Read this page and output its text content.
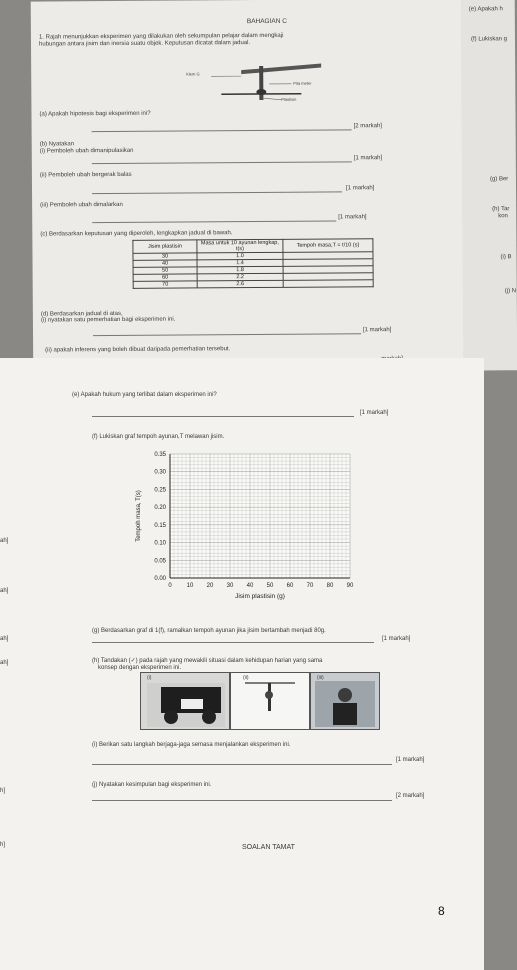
BAHAGIAN C
1. Rajah menunjukkan eksperimen yang dilakukan oleh sekumpulan pelajar dalam mengkaji
hubungan antara jisim dan inersia suatu objek. Keputusan dicatat dalam jadual.
Klem G
Pita meter
Plastisin
(a) Apakah hipotesis bagi eksperimen ini?
[2 markah]
(b) Nyatakan
(i) Pemboleh ubah dimanipulasikan
[1 markah]
(ii) Pemboleh ubah bergerak balas
[1 markah]
(iii) Pemboleh ubah dimalarkan
[1 markah]
(c) Berdasarkan keputusan yang diperoleh, lengkapkan jadual di bawah.
Jisim plastisin	Masa untuk 10 ayunan lengkap, t(s)	Tempoh masa,T = t/10 (s)
30	1.0	
40	1.4	
50	1.8	
60	2.2	
70	2.6	
(d) Berdasarkan jadual di atas,
(i) nyatakan satu pemerhatian bagi eksperimen ini.
[1 markah]
(ii) apakah inferens yang boleh dibuat daripada pemerhatian tersebut.
(e) Apakah h
(f) Lukiskan g
(g) Ber
(h) Tar
kon
(i) B
(j) N
(e) Apakah hukum yang terlibat dalam eksperimen ini?
[1 markah]
(f) Lukiskan graf tempoh ayunan,T melawan jisim.
0 10 20 30 40 50 60 70 80 90
0.00
0.05
0.10
0.15
0.20
0.25
0.30
0.35
Jisim plastisin (g)
Tempoh masa, T(s)
(g) Berdasarkan graf di 1(f), ramalkan tempoh ayunan jika jisim bertambah menjadi 80g.
[1 markah]
(h) Tandakan (✓) pada rajah yang mewakili situasi dalam kehidupan harian yang sama
konsep dengan eksperimen ini.
(i)	(ii)	(iii)
(i) Berikan satu langkah berjaga-jaga semasa menjalankan eksperimen ini.
[1 markah]
(j) Nyatakan kesimpulan bagi eksperimen ini.
[2 markah]
SOALAN TAMAT
8
ah]
ah]
ah]
ah]
h]
h]
